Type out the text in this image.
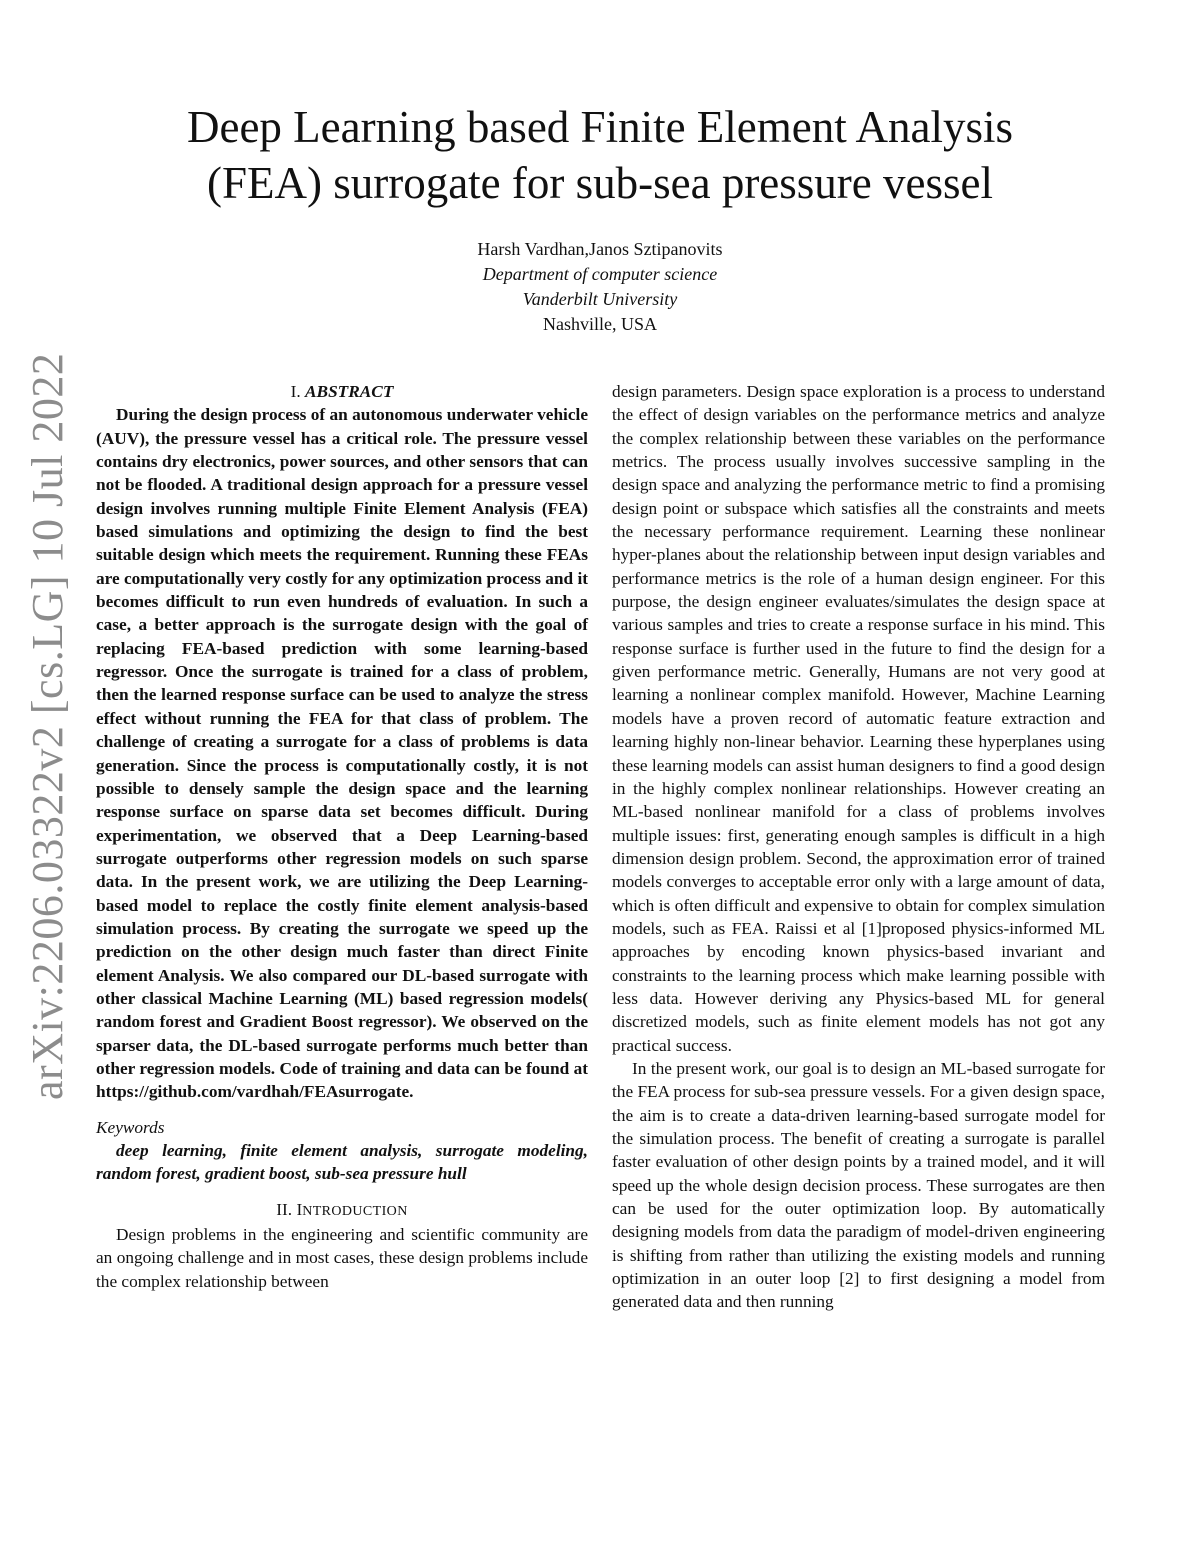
arXiv:2206.03322v2 [cs.LG] 10 Jul 2022
Deep Learning based Finite Element Analysis
(FEA) surrogate for sub-sea pressure vessel
Harsh Vardhan,Janos Sztipanovits
Department of computer science
Vanderbilt University
Nashville, USA
I. ABSTRACT

During the design process of an autonomous underwater vehicle (AUV), the pressure vessel has a critical role. The pressure vessel contains dry electronics, power sources, and other sensors that can not be flooded. A traditional design approach for a pressure vessel design involves running multiple Finite Element Analysis (FEA) based simulations and optimizing the design to find the best suitable design which meets the requirement. Running these FEAs are computationally very costly for any optimization process and it becomes difficult to run even hundreds of evaluation. In such a case, a better approach is the surrogate design with the goal of replacing FEA-based prediction with some learning-based regressor. Once the surrogate is trained for a class of problem, then the learned response surface can be used to analyze the stress effect without running the FEA for that class of problem. The challenge of creating a surrogate for a class of problems is data generation. Since the process is computationally costly, it is not possible to densely sample the design space and the learning response surface on sparse data set becomes difficult. During experimentation, we observed that a Deep Learning-based surrogate outperforms other regression models on such sparse data. In the present work, we are utilizing the Deep Learning-based model to replace the costly finite element analysis-based simulation process. By creating the surrogate we speed up the prediction on the other design much faster than direct Finite element Analysis. We also compared our DL-based surrogate with other classical Machine Learning (ML) based regression models( random forest and Gradient Boost regressor). We observed on the sparser data, the DL-based surrogate performs much better than other regression models. Code of training and data can be found at https://github.com/vardhah/FEAsurrogate.

Keywords

deep learning, finite element analysis, surrogate modeling, random forest, gradient boost, sub-sea pressure hull

II. INTRODUCTION

Design problems in the engineering and scientific community are an ongoing challenge and in most cases, these design problems include the complex relationship between

design parameters. Design space exploration is a process to understand the effect of design variables on the performance metrics and analyze the complex relationship between these variables on the performance metrics. The process usually involves successive sampling in the design space and analyzing the performance metric to find a promising design point or subspace which satisfies all the constraints and meets the necessary performance requirement. Learning these nonlinear hyper-planes about the relationship between input design variables and performance metrics is the role of a human design engineer. For this purpose, the design engineer evaluates/simulates the design space at various samples and tries to create a response surface in his mind. This response surface is further used in the future to find the design for a given performance metric. Generally, Humans are not very good at learning a nonlinear complex manifold. However, Machine Learning models have a proven record of automatic feature extraction and learning highly non-linear behavior. Learning these hyperplanes using these learning models can assist human designers to find a good design in the highly complex nonlinear relationships. However creating an ML-based nonlinear manifold for a class of problems involves multiple issues: first, generating enough samples is difficult in a high dimension design problem. Second, the approximation error of trained models converges to acceptable error only with a large amount of data, which is often difficult and expensive to obtain for complex simulation models, such as FEA. Raissi et al [1]proposed physics-informed ML approaches by encoding known physics-based invariant and constraints to the learning process which make learning possible with less data. However deriving any Physics-based ML for general discretized models, such as finite element models has not got any practical success.

In the present work, our goal is to design an ML-based surrogate for the FEA process for sub-sea pressure vessels. For a given design space, the aim is to create a data-driven learning-based surrogate model for the simulation process. The benefit of creating a surrogate is parallel faster evaluation of other design points by a trained model, and it will speed up the whole design decision process. These surrogates are then can be used for the outer optimization loop. By automatically designing models from data the paradigm of model-driven engineering is shifting from rather than utilizing the existing models and running optimization in an outer loop [2] to first designing a model from generated data and then running
